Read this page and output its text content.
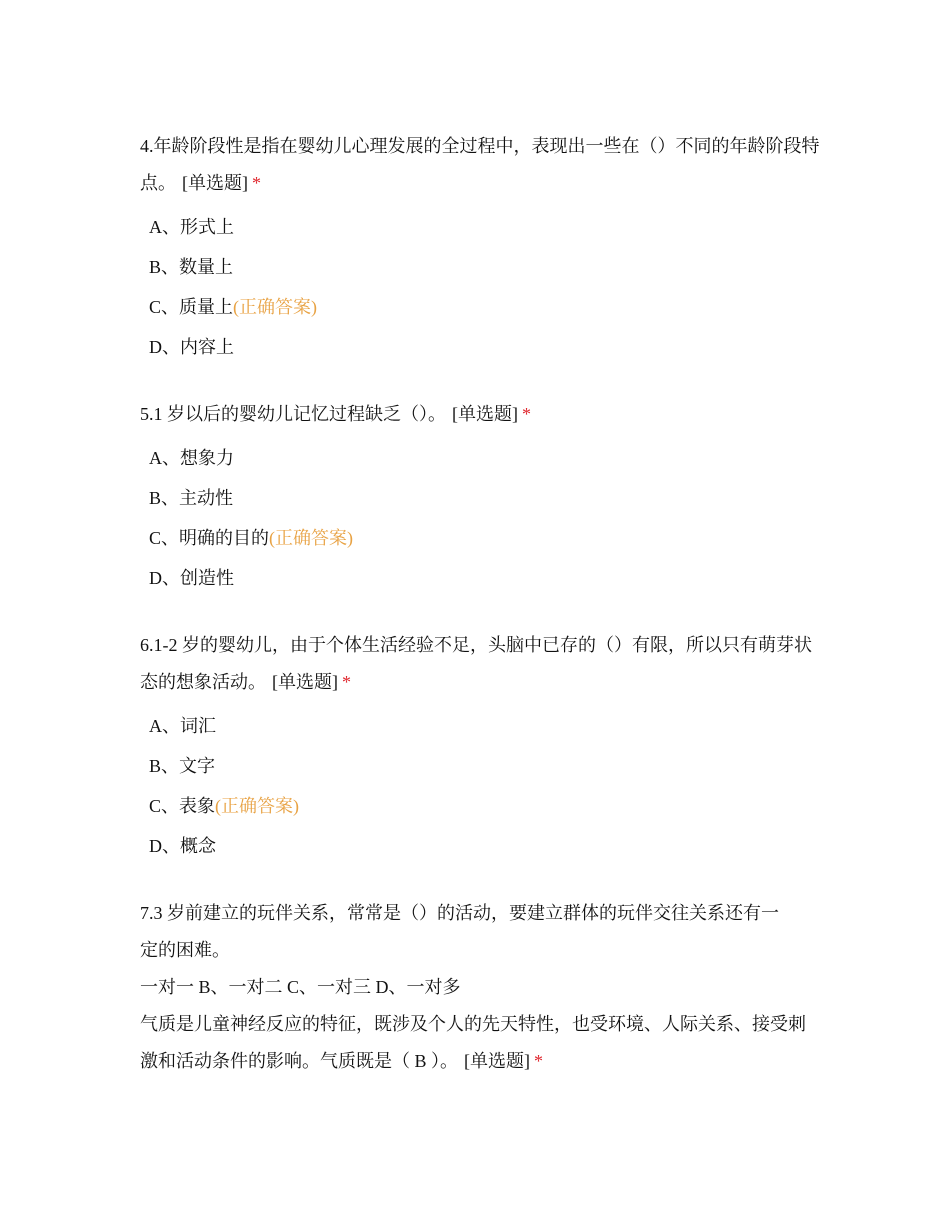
4.年龄阶段性是指在婴幼儿心理发展的全过程中，表现出一些在（）不同的年龄阶段特点。 [单选题] *

A、形式上
B、数量上
C、质量上(正确答案)
D、内容上

5.1 岁以后的婴幼儿记忆过程缺乏（）。 [单选题] *

A、想象力
B、主动性
C、明确的目的(正确答案)
D、创造性

6.1-2 岁的婴幼儿，由于个体生活经验不足，头脑中已存的（）有限，所以只有萌芽状态的想象活动。 [单选题] *

A、词汇
B、文字
C、表象(正确答案)
D、概念

7.3 岁前建立的玩伴关系，常常是（）的活动，要建立群体的玩伴交往关系还有一
定的困难。

一对一 B、一对二 C、一对三 D、一对多

气质是儿童神经反应的特征，既涉及个人的先天特性，也受环境、人际关系、接受刺激和活动条件的影响。气质既是（ B ）。 [单选题] *
